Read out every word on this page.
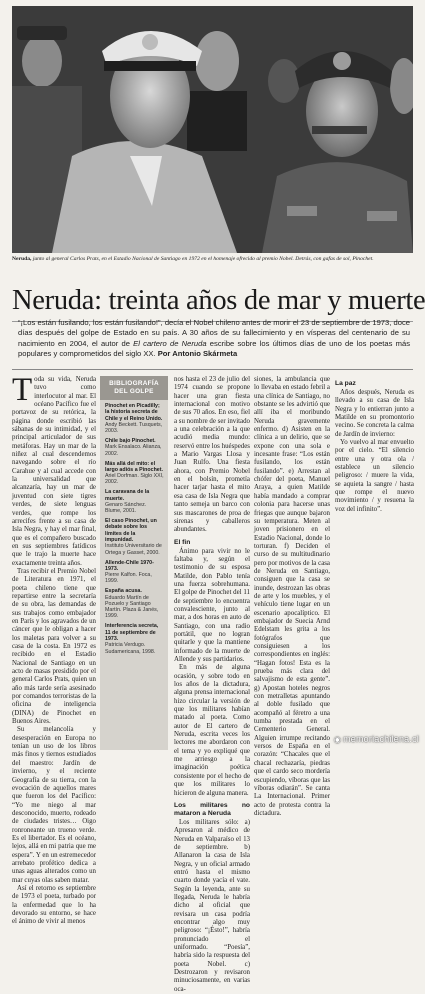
Neruda, junto al general Carlos Prats, en el Estadio Nacional de Santiago en 1972 en el homenaje ofrecido al premio Nobel. Detrás, con gafas de sol, Pinochet.
Neruda: treinta años de mar y muerte
“¡Los están fusilando, los están fusilando!”, decía el Nobel chileno antes de morir el 23 de septiembre de 1973, doce días después del golpe de Estado en su país. A 30 años de su fallecimiento y en vísperas del centenario de su nacimiento en 2004, el autor de El cartero de Neruda escribe sobre los últimos días de uno de los poetas más populares y comprometidos del siglo XX. Por Antonio Skármeta

Toda su vida, Neruda tuvo como interlocutor al mar. El océano Pacífico fue el portavoz de su retórica, la página donde escribió las sábanas de su intimidad, y el principal articulador de sus metáforas. Hay un mar de la niñez al cual descendemos navegando sobre el río Carahue y al cual accede con la universalidad que alcanzaría, hay un mar de juventud con siete tigres verdes, de siete lenguas verdes, que rompe los arrecifes frente a su casa de Isla Negra, y hay el mar final, que es el compañero buscado en sus septiembres fatídicos que le trajo la muerte hace exactamente treinta años.

Tras recibir el Premio Nobel de Literatura en 1971, el poeta chileno tiene que repartirse entre la secretaría de su obra, las demandas de sus trabajos como embajador en París y los agravados de un cáncer que le obligan a hacer los maletas para volver a su casa de la costa. En 1972 es recibido en el Estadio Nacional de Santiago en un acto de masas presidido por el general Carlos Prats, quien un año más tarde sería asesinado por comandos terroristas de la oficina de inteligencia (DINA) de Pinochet en Buenos Aires.

Su melancolía y desesperación en Europa no tenían un uso de los libros más finos y tiernos estudiados del maestro: Jardín de invierno, y el reciente Geografía de su tierra, con la evocación de aquellos mares que fueron los del Pacífico: “Yo me niego al mar desconocido, muerto, rodeado de ciudades tristes… Oigo ronroneante un trueno verde. Es el libertador. Es el océano, lejos, allá en mi patria que me espera”. Y en un estremecedor arrebato profético dedica a unas aguas alterados como un mar cuyas olas saben matar.

Así el retorno es septiembre de 1973 el poeta, turbado por la enfermedad que lo ha devorado su entorno, se hace el ánimo de vivir al menos

BIBLIOGRAFÍA DEL GOLPE
Pinochet en Picadilly; la historia secreta de Chile y el Reino Unido.
Andy Beckett. Tusquets, 2003.
Chile bajo Pinochet.
Mark Ensalaco. Alianza, 2002.
Más allá del mito: el largo adiós a Pinochet.
Ariel Dorfman. Siglo XXI, 2002.
La caravana de la muerte.
Genaro Sánchez. Blume, 2001.
El caso Pinochet, un debate sobre los límites de la impunidad.
Instituto Universitario de Ortega y Gasset, 2000.
Allende-Chile 1970-1973.
Pierre Kalfon. Foca, 1999.
España acusa.
Eduardo Martín de Pozuelo y Santiago Martín. Plaza & Janés, 1999.
Interferencia secreta, 11 de septiembre de 1973.
Patricia Verdugo. Sudamericana, 1998.

nos hasta el 23 de julio del 1974 cuando se propone hacer una gran fiesta internacional con motivo de sus 70 años. En eso, fiel a su nombre de ser invitado a una celebración a la que acudió media mundo: reservó entre los huéspedes a Mario Vargas Llosa y Juan Rulfo. Una fiesta ahora, con Premio Nobel en el bolsín, prometía hacer tarjar hasta el mito esa casa de Isla Negra que tanto semeja un barco con sus mascarones de proa de sirenas y caballeros abundantes.

El fin

Ánimo para vivir no le faltaba y, según el testimonio de su esposa Matilde, don Pablo tenía una fuerza sobrehumana. El golpe de Pinochet del 11 de septiembre lo encuentra convalesciente, junto al mar, a dos horas en auto de Santiago, con una radio portátil, que no logran quitarle y que la mantiene informado de la muerte de Allende y sus partidarios.

En más de alguna ocasión, y sobre todo en los años de la dictadura, alguna prensa internacional hizo circular la versión de que los militares habían matado al poeta. Como autor de El cartero de Neruda, escrita veces los lectores me abordaron con el tema y yo expliqué que me arriesgo a la imaginación poética consistente por el hecho de que los militares lo hicieron de alguna manera.

Los militares no mataron a Neruda

Los militares sólo: a) Apresaron al médico de Neruda en Valparaíso el 13 de septiembre. b) Allanaron la casa de Isla Negra, y un oficial armado entró hasta el mismo cuarto donde yacía el vate. Según la leyenda, ante su llegada, Neruda le habría dicho al oficial que revisara un casa podría encontrar algo muy peligroso: “¡Ésto!”, habría pronunciado el uniformado. “Poesía”, habría sido la respuesta del poeta Nobel. c) Destrozaron y revisaron minuciosamente, en varias oca-

siones, la ambulancia que lo llevaba en estado febril a una clínica de Santiago, no obstante se les advirtió que allí iba el moribundo Neruda gravemente enfermo. d) Asisten en la clínica a un delirio, que se expone con una sola e incesante frase: “Los están fusilando, los están fusilando”. e) Arrestan al chófer del poeta, Manuel Araya, a quien Matilde había mandado a comprar colonia para hacerse unas friegas que aunque bajaron su temperatura. Meten al joven prisionero en el Estadio Nacional, donde lo torturan. f) Deciden el curso de su multitudinario pero por motivos de la casa de Neruda en Santiago, consiguen que la casa se inunde, destrozan las obras de arte y los muebles, y el vehículo tiene lugar en un escenario apocalíptico. El embajador de Suecia Arnd Edelstam les grita a los fotógrafos que consiguiesen a los correspondientes en inglés: “Hagan fotos! Esta es la prueba más clara del salvajismo de esta gente”. g) Apostan hoteles negros con metralletas apuntando al doble fusilado que acompañó al féretro a una tumba prestada en el Cementerio General. Alguien irrumpe recitando versos de España en el corazón: “Chacales que el chacal rechazaría, piedras que el cardo seco mordería escupiendo, víboras que las víboras odiarán”. Se canta La Internacional. Primer acto de protesta contra la dictadura.

La paz

Años después, Neruda es llevado a su casa de Isla Negra y lo entierran junto a Matilde en su promontorio vecino. Se concreta la calma de Jardín de invierno:

Yo vuelvo al mar envuelto por el cielo. “El silencio entre una y otra ola / establece un silencio peligroso: / muere la vida, se aquieta la sangre / hasta que rompe el nuevo movimiento / y resuena la voz del infinito”.

◉ memoriachilena.cl
